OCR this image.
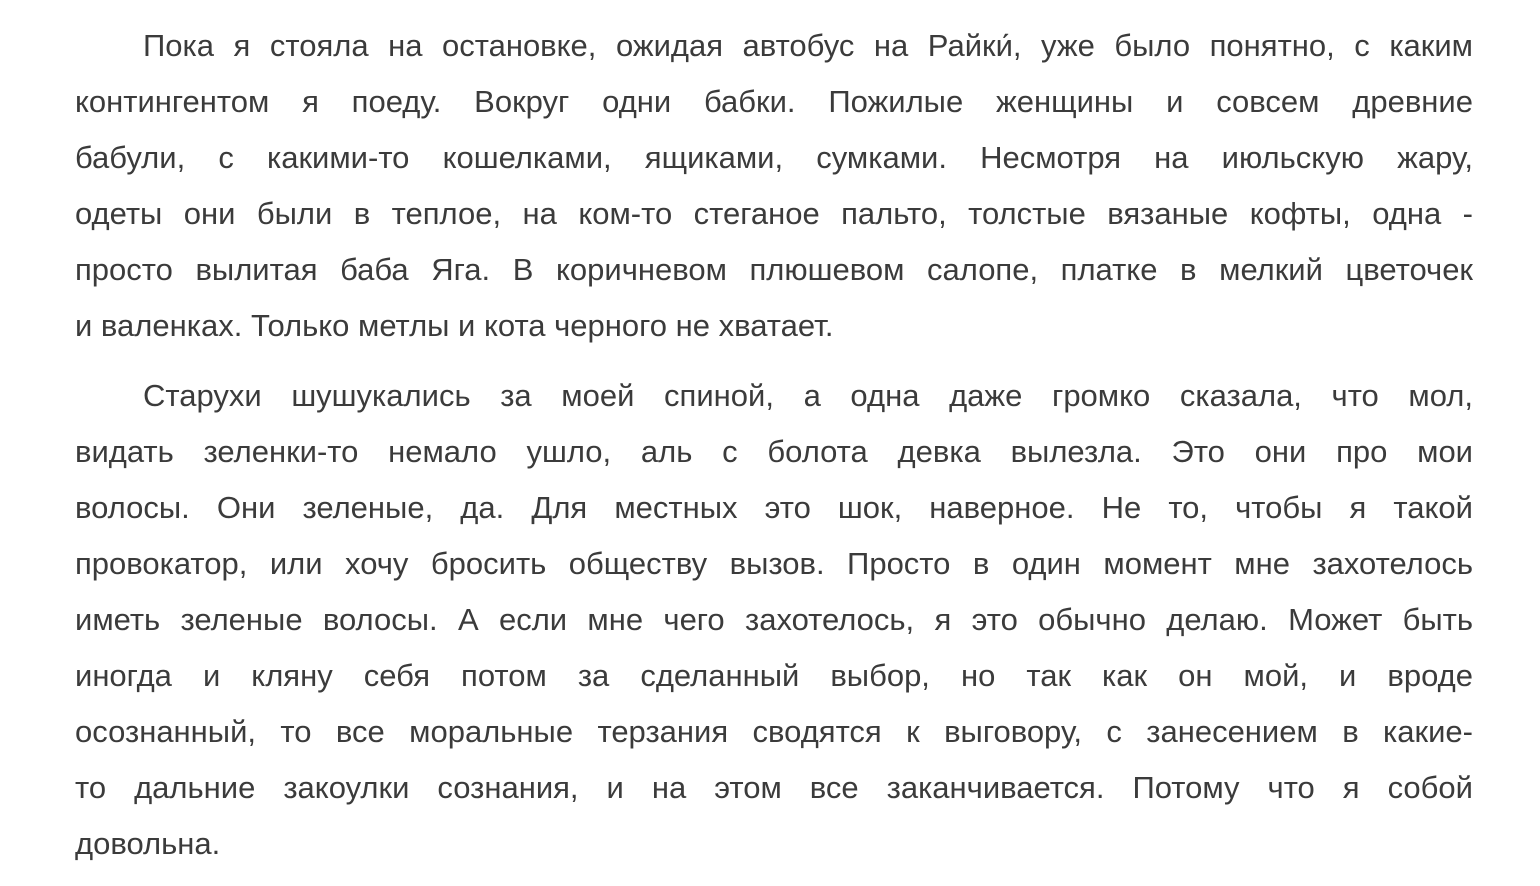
Пока я стояла на остановке, ожидая автобус на Райки́, уже было понятно, с каким
контингентом я поеду. Вокруг одни бабки. Пожилые женщины и совсем древние
бабули, с какими-то кошелками, ящиками, сумками. Несмотря на июльскую жару,
одеты они были в теплое, на ком-то стеганое пальто, толстые вязаные кофты, одна -
просто вылитая баба Яга. В коричневом плюшевом салопе, платке в мелкий цветочек
и валенках. Только метлы и кота черного не хватает.
Старухи шушукались за моей спиной, а одна даже громко сказала, что мол,
видать зеленки-то немало ушло, аль с болота девка вылезла. Это они про мои
волосы. Они зеленые, да. Для местных это шок, наверное. Не то, чтобы я такой
провокатор, или хочу бросить обществу вызов. Просто в один момент мне захотелось
иметь зеленые волосы. А если мне чего захотелось, я это обычно делаю. Может быть
иногда и кляну себя потом за сделанный выбор, но так как он мой, и вроде
осознанный, то все моральные терзания сводятся к выговору, с занесением в какие-
то дальние закоулки сознания, и на этом все заканчивается. Потому что я собой
довольна.
